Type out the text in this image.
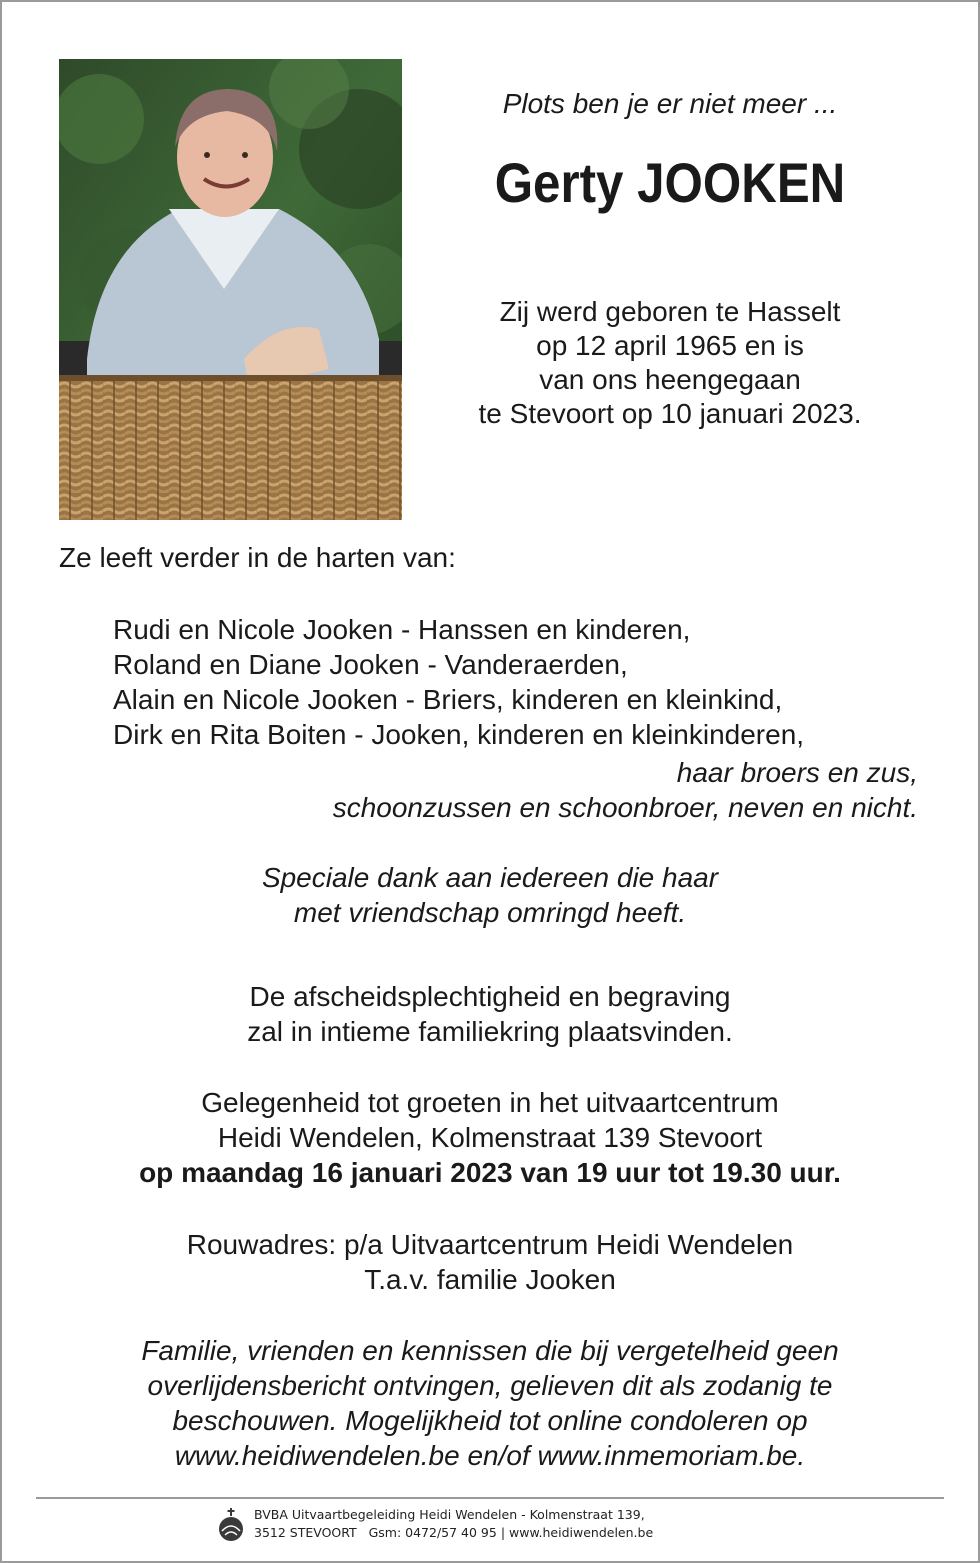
Plots ben je er niet meer ...
Gerty JOOKEN
Zij werd geboren te Hasselt
op 12 april 1965 en is
van ons heengegaan
te Stevoort op 10 januari 2023.
Ze leeft verder in de harten van:
Rudi en Nicole Jooken - Hanssen en kinderen,
Roland en Diane Jooken - Vanderaerden,
Alain en Nicole Jooken - Briers, kinderen en kleinkind,
Dirk en Rita Boiten - Jooken, kinderen en kleinkinderen,
haar broers en zus,
schoonzussen en schoonbroer, neven en nicht.
Speciale dank aan iedereen die haar
met vriendschap omringd heeft.
De afscheidsplechtigheid en begraving
zal in intieme familiekring plaatsvinden.
Gelegenheid tot groeten in het uitvaartcentrum
Heidi Wendelen, Kolmenstraat 139 Stevoort
op maandag 16 januari 2023 van 19 uur tot 19.30 uur.
Rouwadres: p/a Uitvaartcentrum Heidi Wendelen
T.a.v. familie Jooken
Familie, vrienden en kennissen die bij vergetelheid geen
overlijdensbericht ontvingen, gelieven dit als zodanig te
beschouwen. Mogelijkheid tot online condoleren op
www.heidiwendelen.be en/of www.inmemoriam.be.
BVBA Uitvaartbegeleiding Heidi Wendelen - Kolmenstraat 139,
3512 STEVOORT   Gsm: 0472/57 40 95 | www.heidiwendelen.be
